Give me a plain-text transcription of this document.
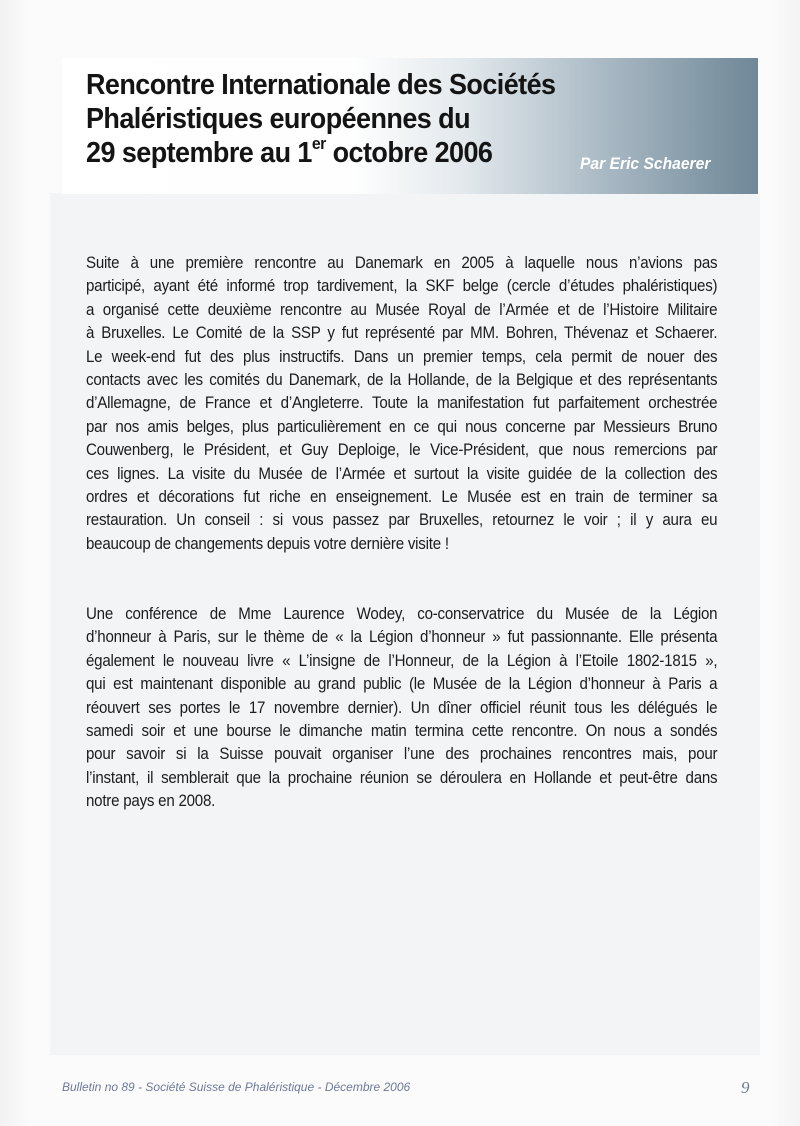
Rencontre Internationale des Sociétés
Phaléristiques européennes du
29 septembre au 1er octobre 2006	Par Eric Schaerer
Suite à une première rencontre au Danemark en 2005 à laquelle nous n’avions pas
participé, ayant été informé trop tardivement, la SKF belge (cercle d’études phaléristiques)
a organisé cette deuxième rencontre au Musée Royal de l’Armée et de l’Histoire Militaire
à Bruxelles. Le Comité de la SSP y fut représenté par MM. Bohren, Thévenaz et Schaerer.
Le week-end fut des plus instructifs. Dans un premier temps, cela permit de nouer des
contacts avec les comités du Danemark, de la Hollande, de la Belgique et des représentants
d’Allemagne, de France et d’Angleterre. Toute la manifestation fut parfaitement orchestrée
par nos amis belges, plus particulièrement en ce qui nous concerne par Messieurs Bruno
Couwenberg, le Président, et Guy Deploige, le Vice-Président, que nous remercions par
ces lignes. La visite du Musée de l’Armée et surtout la visite guidée de la collection des
ordres et décorations fut riche en enseignement. Le Musée est en train de terminer sa
restauration. Un conseil : si vous passez par Bruxelles, retournez le voir ; il y aura eu
beaucoup de changements depuis votre dernière visite !
Une conférence de Mme Laurence Wodey, co-conservatrice du Musée de la Légion
d’honneur à Paris, sur le thème de « la Légion d’honneur » fut passionnante. Elle présenta
également le nouveau livre « L’insigne de l’Honneur, de la Légion à l’Etoile 1802-1815 »,
qui est maintenant disponible au grand public (le Musée de la Légion d’honneur à Paris a
réouvert ses portes le 17 novembre dernier). Un dîner officiel réunit tous les délégués le
samedi soir et une bourse le dimanche matin termina cette rencontre. On nous a sondés
pour savoir si la Suisse pouvait organiser l’une des prochaines rencontres mais, pour
l’instant, il semblerait que la prochaine réunion se déroulera en Hollande et peut-être dans
notre pays en 2008.
Bulletin no 89 - Société Suisse de Phaléristique - Décembre 2006	9
